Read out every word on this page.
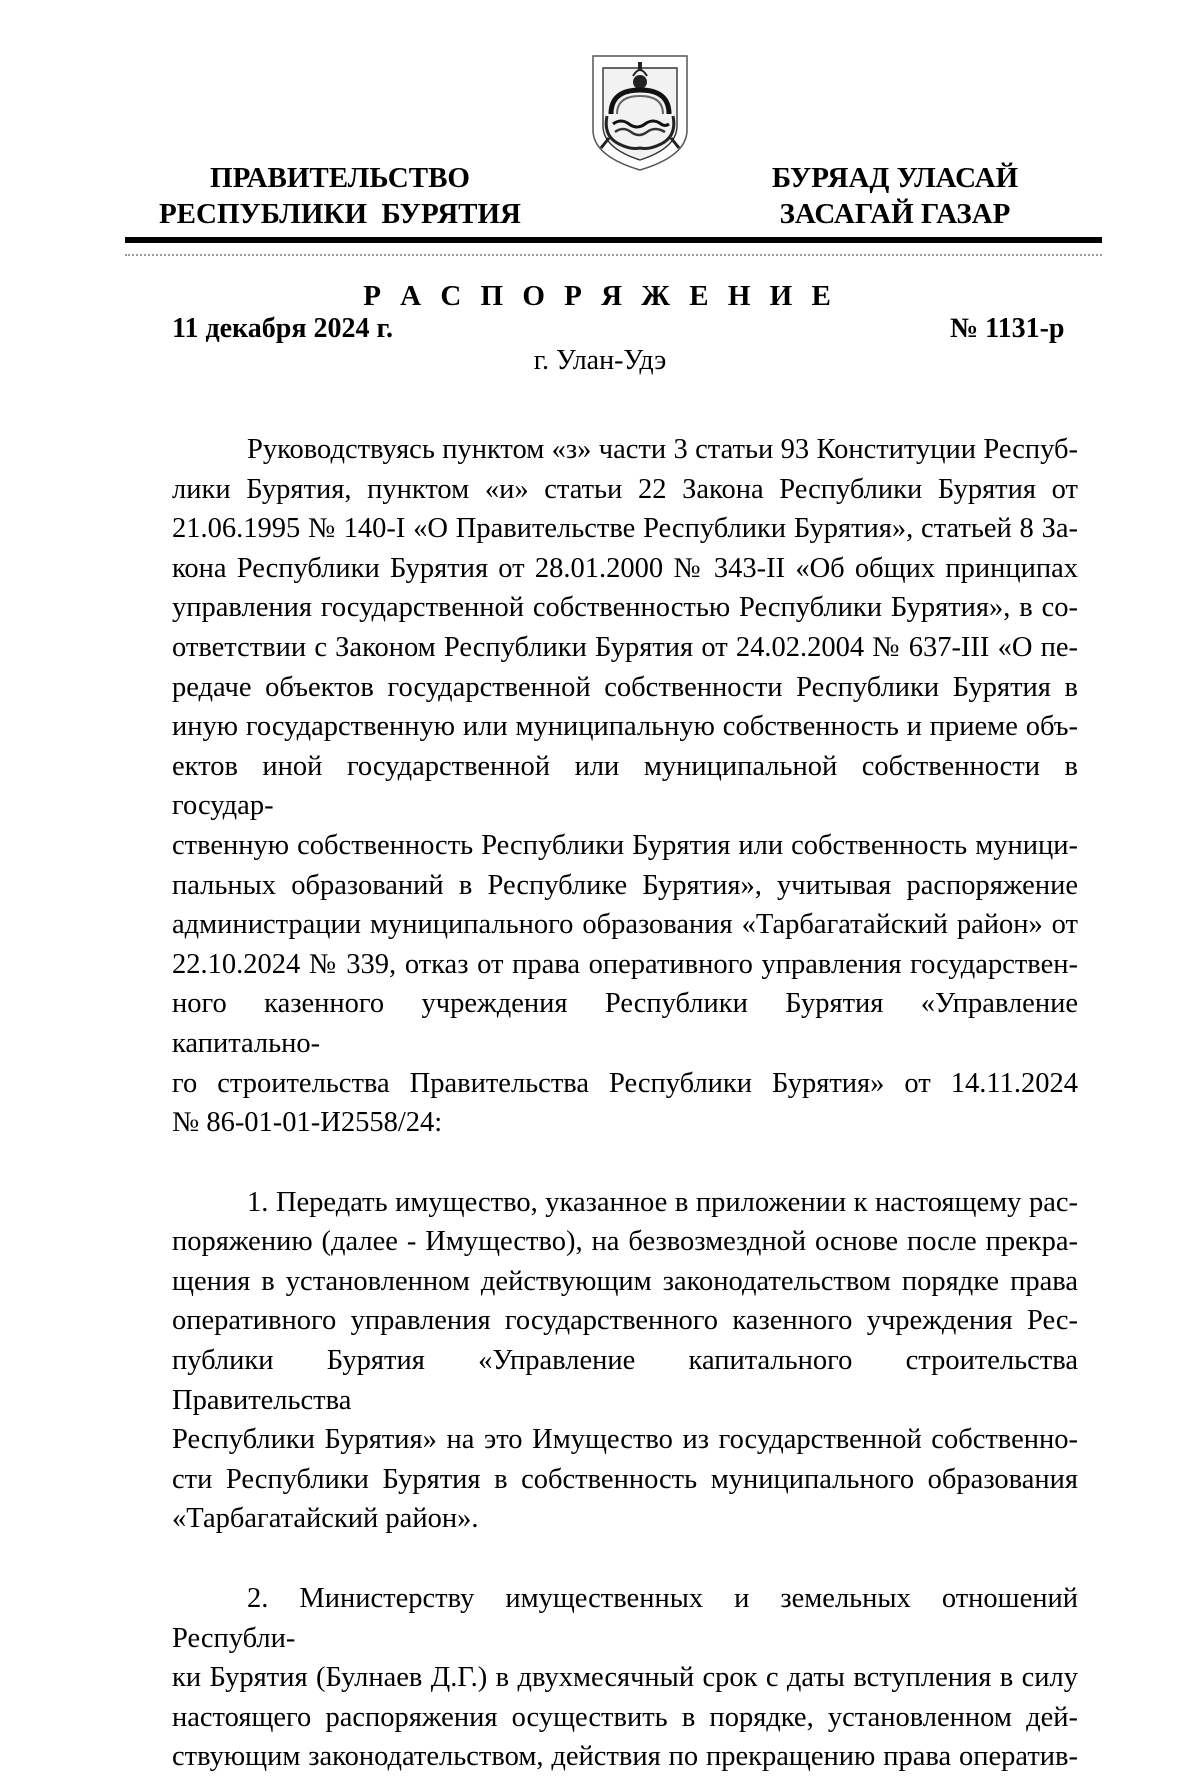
ПРАВИТЕЛЬСТВО
РЕСПУБЛИКИ  БУРЯТИЯ
БУРЯАД УЛАСАЙ
ЗАСАГАЙ ГАЗАР
Р А С П О Р Я Ж Е Н И Е
11 декабря 2024 г.	№ 1131-р
г. Улан-Удэ

Руководствуясь пунктом «з» части 3 статьи 93 Конституции Респуб-
лики Бурятия, пунктом «и» статьи 22 Закона Республики Бурятия от
21.06.1995 № 140-I «О Правительстве Республики Бурятия», статьей 8 За-
кона Республики Бурятия от 28.01.2000 № 343-II «Об общих принципах
управления государственной собственностью Республики Бурятия», в со-
ответствии с Законом Республики Бурятия от 24.02.2004 № 637-III «О пе-
редаче объектов государственной собственности Республики Бурятия в
иную государственную или муниципальную собственность и приеме объ-
ектов иной государственной или муниципальной собственности в государ-
ственную собственность Республики Бурятия или собственность муници-
пальных образований в Республике Бурятия», учитывая распоряжение
администрации муниципального образования «Тарбагатайский район» от
22.10.2024 № 339, отказ от права оперативного управления государствен-
ного казенного учреждения Республики Бурятия «Управление капитально-
го строительства Правительства Республики Бурятия» от 14.11.2024
№ 86-01-01-И2558/24:

1. Передать имущество, указанное в приложении к настоящему рас-
поряжению (далее - Имущество), на безвозмездной основе после прекра-
щения в установленном действующим законодательством порядке права
оперативного управления государственного казенного учреждения Рес-
публики Бурятия «Управление капитального строительства Правительства
Республики Бурятия» на это Имущество из государственной собственно-
сти Республики Бурятия в собственность муниципального образования
«Тарбагатайский район».

2. Министерству имущественных и земельных отношений Республи-
ки Бурятия (Булнаев Д.Г.) в двухмесячный срок с даты вступления в силу
настоящего распоряжения осуществить в порядке, установленном дей-
ствующим законодательством, действия по прекращению права оператив-
